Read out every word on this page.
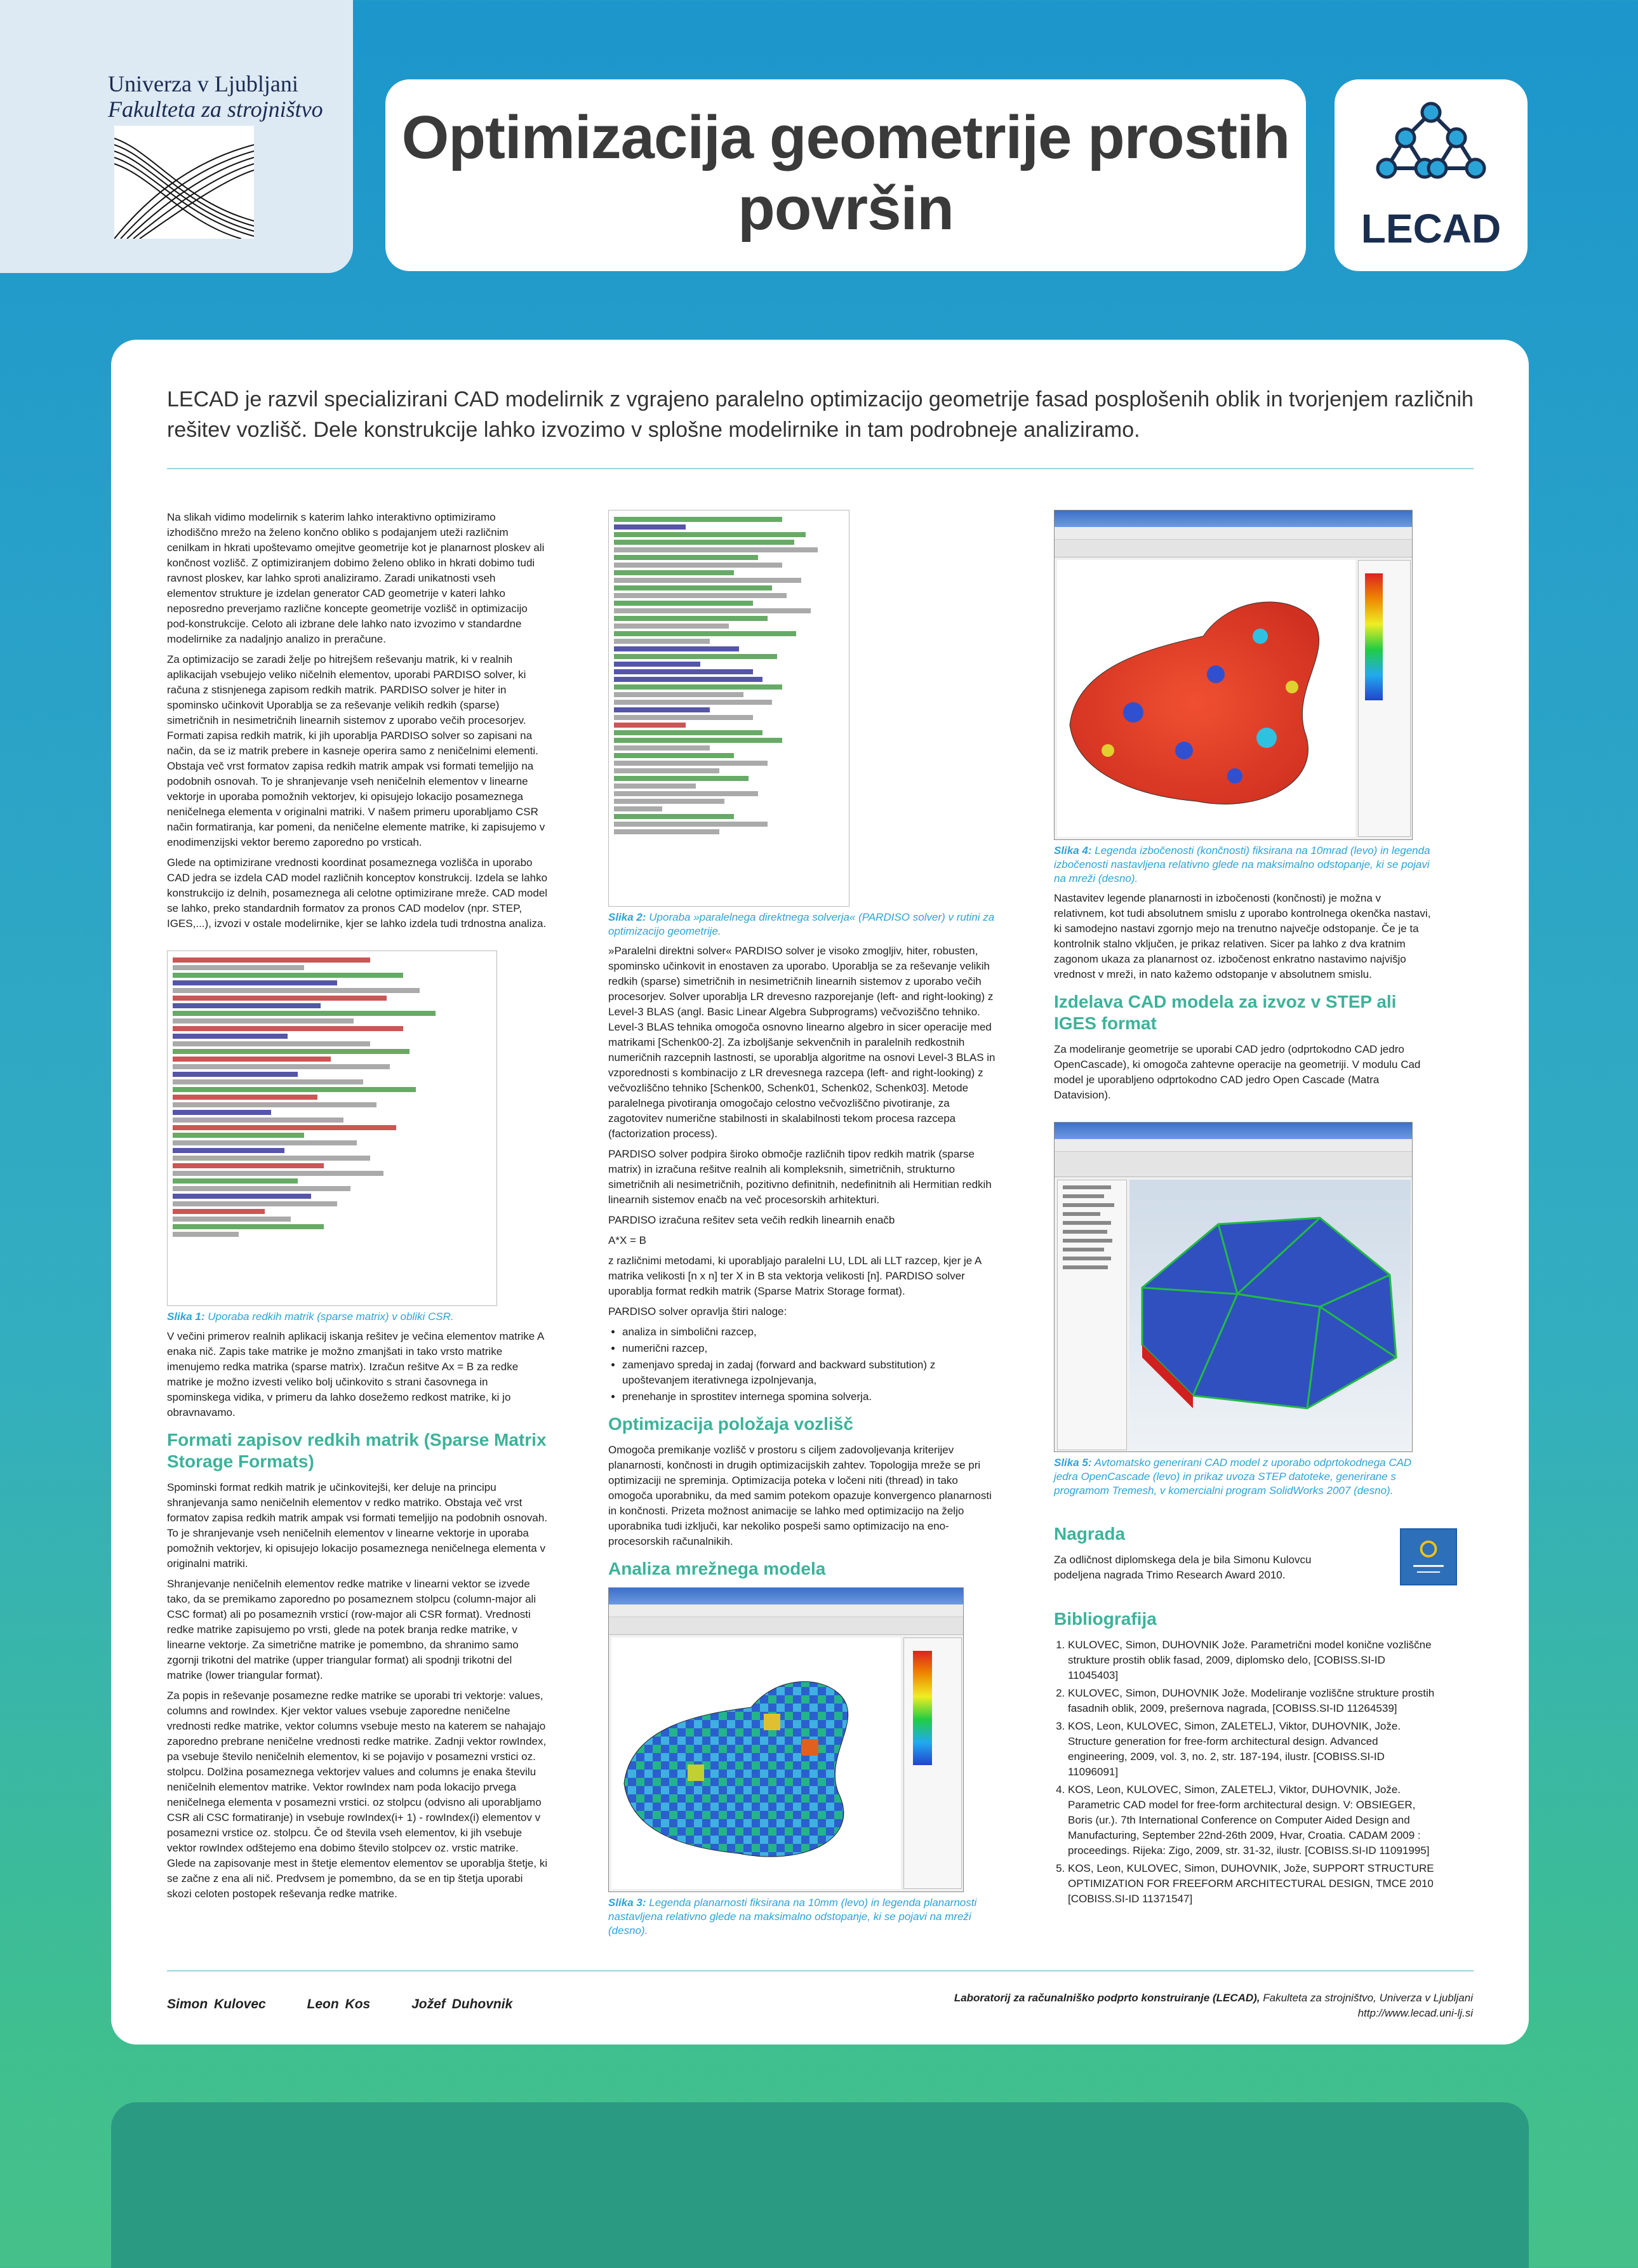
Univerza v Ljubljani
Fakulteta za strojništvo Optimizacija geometrije prostih površin	LECAD

LECAD je razvil specializirani CAD modelirnik z vgrajeno paralelno optimizacijo geometrije fasad posplošenih oblik in tvorjenjem različnih rešitev vozlišč. Dele konstrukcije lahko izvozimo v splošne modelirnike in tam podrobneje analiziramo.

Na slikah vidimo modelirnik s katerim lahko interaktivno optimiziramo izhodiščno mrežo na želeno končno obliko s podajanjem uteži različnim cenilkam in hkrati upoštevamo omejitve geometrije kot je planarnost ploskev ali končnost vozlišč. Z optimiziranjem dobimo želeno obliko in hkrati dobimo tudi ravnost ploskev, kar lahko sproti analiziramo. Zaradi unikatnosti vseh elementov strukture je izdelan generator CAD geometrije v kateri lahko neposredno preverjamo različne koncepte geometrije vozlišč in optimizacijo pod-konstrukcije. Celoto ali izbrane dele lahko nato izvozimo v standardne modelirnike za nadaljnjo analizo in preračune.

Za optimizacijo se zaradi želje po hitrejšem reševanju matrik, ki v realnih aplikacijah vsebujejo veliko ničelnih elementov, uporabi PARDISO solver, ki računa z stisnjenega zapisom redkih matrik. PARDISO solver je hiter in spominsko učinkovit Uporablja se za reševanje velikih redkih (sparse) simetričnih in nesimetričnih linearnih sistemov z uporabo večih procesorjev. Formati zapisa redkih matrik, ki jih uporablja PARDISO solver so zapisani na način, da se iz matrik prebere in kasneje operira samo z neničelnimi elementi. Obstaja več vrst formatov zapisa redkih matrik ampak vsi formati temeljijo na podobnih osnovah. To je shranjevanje vseh neničelnih elementov v linearne vektorje in uporaba pomožnih vektorjev, ki opisujejo lokacijo posameznega neničelnega elementa v originalni matriki. V našem primeru uporabljamo CSR način formatiranja, kar pomeni, da neničelne elemente matrike, ki zapisujemo v enodimenzijski vektor beremo zaporedno po vrsticah.

Glede na optimizirane vrednosti koordinat posameznega vozlišča in uporabo CAD jedra se izdela CAD model različnih konceptov konstrukcij. Izdela se lahko konstrukcijo iz delnih, posameznega ali celotne optimizirane mreže. CAD model se lahko, preko standardnih formatov za pronos CAD modelov (npr. STEP, IGES,...), izvozi v ostale modelirnike, kjer se lahko izdela tudi trdnostna analiza.

Slika 1: Uporaba redkih matrik (sparse matrix) v obliki CSR.

V večini primerov realnih aplikacij iskanja rešitev je večina elementov matrike A enaka nič. Zapis take matrike je možno zmanjšati in tako vrsto matrike imenujemo redka matrika (sparse matrix). Izračun rešitve Ax = B za redke matrike je možno izvesti veliko bolj učinkovito s strani časovnega in spominskega vidika, v primeru da lahko dosežemo redkost matrike, ki jo obravnavamo.

Formati zapisov redkih matrik (Sparse Matrix Storage Formats)

Spominski format redkih matrik je učinkovitejši, ker deluje na principu shranjevanja samo neničelnih elementov v redko matriko. Obstaja več vrst formatov zapisa redkih matrik ampak vsi formati temeljijo na podobnih osnovah. To je shranjevanje vseh neničelnih elementov v linearne vektorje in uporaba pomožnih vektorjev, ki opisujejo lokacijo posameznega neničelnega elementa v originalni matriki.

Shranjevanje neničelnih elementov redke matrike v linearni vektor se izvede tako, da se premikamo zaporedno po posameznem stolpcu (column-major ali CSC format) ali po posameznih vrsticí (row-major ali CSR format). Vrednosti redke matrike zapisujemo po vrsti, glede na potek branja redke matrike, v linearne vektorje. Za simetrične matrike je pomembno, da shranimo samo zgornji trikotni del matrike (upper triangular format) ali spodnji trikotni del matrike (lower triangular format).

Za popis in reševanje posamezne redke matrike se uporabi tri vektorje: values, columns and rowIndex. Kjer vektor values vsebuje zaporedne neničelne vrednosti redke matrike, vektor columns vsebuje mesto na katerem se nahajajo zaporedno prebrane neničelne vrednosti redke matrike. Zadnji vektor rowIndex, pa vsebuje število neničelnih elementov, ki se pojavijo v posamezni vrstici oz. stolpcu. Dolžina posameznega vektorjev values and columns je enaka številu neničelnih elementov matrike. Vektor rowIndex nam poda lokacijo prvega neničelnega elementa v posamezni vrstici. oz stolpcu (odvisno ali uporabljamo CSR ali CSC formatiranje) in vsebuje rowIndex(i+ 1) - rowIndex(i) elementov v posamezni vrstice oz. stolpcu. Če od števila vseh elementov, ki jih vsebuje vektor rowIndex odštejemo ena dobimo število stolpcev oz. vrstic matrike. Glede na zapisovanje mest in štetje elementov elementov se uporablja štetje, ki se začne z ena ali nič. Predvsem je pomembno, da se en tip štetja uporabi skozi celoten postopek reševanja redke matrike.

Slika 2: Uporaba »paralelnega direktnega solverja« (PARDISO solver) v rutini za optimizacijo geometrije.

»Paralelni direktni solver« PARDISO solver je visoko zmogljiv, hiter, robusten, spominsko učinkovit in enostaven za uporabo. Uporablja se za reševanje velikih redkih (sparse) simetričnih in nesimetričnih linearnih sistemov z uporabo večih procesorjev. Solver uporablja LR drevesno razporejanje (left- and right-looking) z Level-3 BLAS (angl. Basic Linear Algebra Subprograms) večvoziščno tehniko. Level-3 BLAS tehnika omogoča osnovno linearno algebro in sicer operacije med matrikami [Schenk00-2]. Za izboljšanje sekvenčnih in paralelnih redkostnih numeričnih razcepnih lastnosti, se uporablja algoritme na osnovi Level-3 BLAS in vzporednosti s kombinacijo z LR drevesnega razcepa (left- and right-looking) z večvozliščno tehniko [Schenk00, Schenk01, Schenk02, Schenk03]. Metode paralelnega pivotiranja omogočajo celostno večvozliščno pivotiranje, za zagotovitev numerične stabilnosti in skalabilnosti tekom procesa razcepa (factorization process).

PARDISO solver podpira široko območje različnih tipov redkih matrik (sparse matrix) in izračuna rešitve realnih ali kompleksnih, simetričnih, strukturno simetričnih ali nesimetričnih, pozitivno definitnih, nedefinitnih ali Hermitian redkih linearnih sistemov enačb na več procesorskih arhitekturi.

PARDISO izračuna rešitev seta večih redkih linearnih enačb

A*X = B

z različnimi metodami, ki uporabljajo paralelni LU, LDL ali LLT razcep, kjer je A matrika velikosti [n x n] ter X in B sta vektorja velikosti [n]. PARDISO solver uporablja format redkih matrik (Sparse Matrix Storage format).

PARDISO solver opravlja štiri naloge:

• analiza in simbolični razcep,
• numerični razcep,
• zamenjavo spredaj in zadaj (forward and backward substitution) z upoštevanjem iterativnega izpolnjevanja,
• prenehanje in sprostitev internega spomina solverja.
Optimizacija položaja vozlišč

Omogoča premikanje vozlišč v prostoru s ciljem zadovoljevanja kriterijev planarnosti, končnosti in drugih optimizacijskih zahtev. Topologija mreže se pri optimizaciji ne spreminja. Optimizacija poteka v ločeni niti (thread) in tako omogoča uporabniku, da med samim potekom opazuje konvergenco planarnosti in končnosti. Prizeta možnost animacije se lahko med optimizacijo na željo uporabnika tudi izključi, kar nekoliko pospeši samo optimizacijo na eno-procesorskih računalnikih.

Analiza mrežnega modela

Slika 3: Legenda planarnosti fiksirana na 10mm (levo) in legenda planarnosti nastavljena relativno glede na maksimalno odstopanje, ki se pojavi na mreži (desno).

Slika 4: Legenda izbočenosti (končnosti) fiksirana na 10mrad (levo) in legenda izbočenosti nastavljena relativno glede na maksimalno odstopanje, ki se pojavi na mreži (desno).

Nastavitev legende planarnosti in izbočenosti (končnosti) je možna v relativnem, kot tudi absolutnem smislu z uporabo kontrolnega okenčka nastavi, ki samodejno nastavi zgornjo mejo na trenutno največje odstopanje. Če je ta kontrolnik stalno vključen, je prikaz relativen. Sicer pa lahko z dva kratnim zagonom ukaza za planarnost oz. izbočenost enkratno nastavimo najvišjo vrednost v mreži, in nato kažemo odstopanje v absolutnem smislu.

Izdelava CAD modela za izvoz v STEP ali IGES format

Za modeliranje geometrije se uporabi CAD jedro (odprtokodno CAD jedro OpenCascade), ki omogoča zahtevne operacije na geometriji. V modulu Cad model je uporabljeno odprtokodno CAD jedro Open Cascade (Matra Datavision).

Slika 5: Avtomatsko generirani CAD model z uporabo odprtokodnega CAD jedra OpenCascade (levo) in prikaz uvoza STEP datoteke, generirane s programom Tremesh, v komercialni program SolidWorks 2007 (desno).

Nagrada

Za odličnost diplomskega dela je bila Simonu Kulovcu podeljena nagrada Trimo Research Award 2010.

Bibliografija
1. KULOVEC, Simon, DUHOVNIK Jože. Parametrični model konične vozliščne strukture prostih oblik fasad, 2009, diplomsko delo, [COBISS.SI-ID 11045403]
2. KULOVEC, Simon, DUHOVNIK Jože. Modeliranje vozliščne strukture prostih fasadnih oblik, 2009, prešernova nagrada, [COBISS.SI-ID 11264539]
3. KOS, Leon, KULOVEC, Simon, ZALETELJ, Viktor, DUHOVNIK, Jože. Structure generation for free-form architectural design. Advanced engineering, 2009, vol. 3, no. 2, str. 187-194, ilustr. [COBISS.SI-ID 11096091]
4. KOS, Leon, KULOVEC, Simon, ZALETELJ, Viktor, DUHOVNIK, Jože. Parametric CAD model for free-form architectural design. V: OBSIEGER, Boris (ur.). 7th International Conference on Computer Aided Design and Manufacturing, September 22nd-26th 2009, Hvar, Croatia. CADAM 2009 : proceedings. Rijeka: Zigo, 2009, str. 31-32, ilustr. [COBISS.SI-ID 11091995]
5. KOS, Leon, KULOVEC, Simon, DUHOVNIK, Jože, SUPPORT STRUCTURE OPTIMIZATION FOR FREEFORM ARCHITECTURAL DESIGN, TMCE 2010 [COBISS.SI-ID 11371547]
Simon Kulovec	Leon Kos	Jožef Duhovnik	Laboratorij za računalniško podprto konstruiranje (LECAD), Fakulteta za strojništvo, Univerza v Ljubljani
http://www.lecad.uni-lj.si
